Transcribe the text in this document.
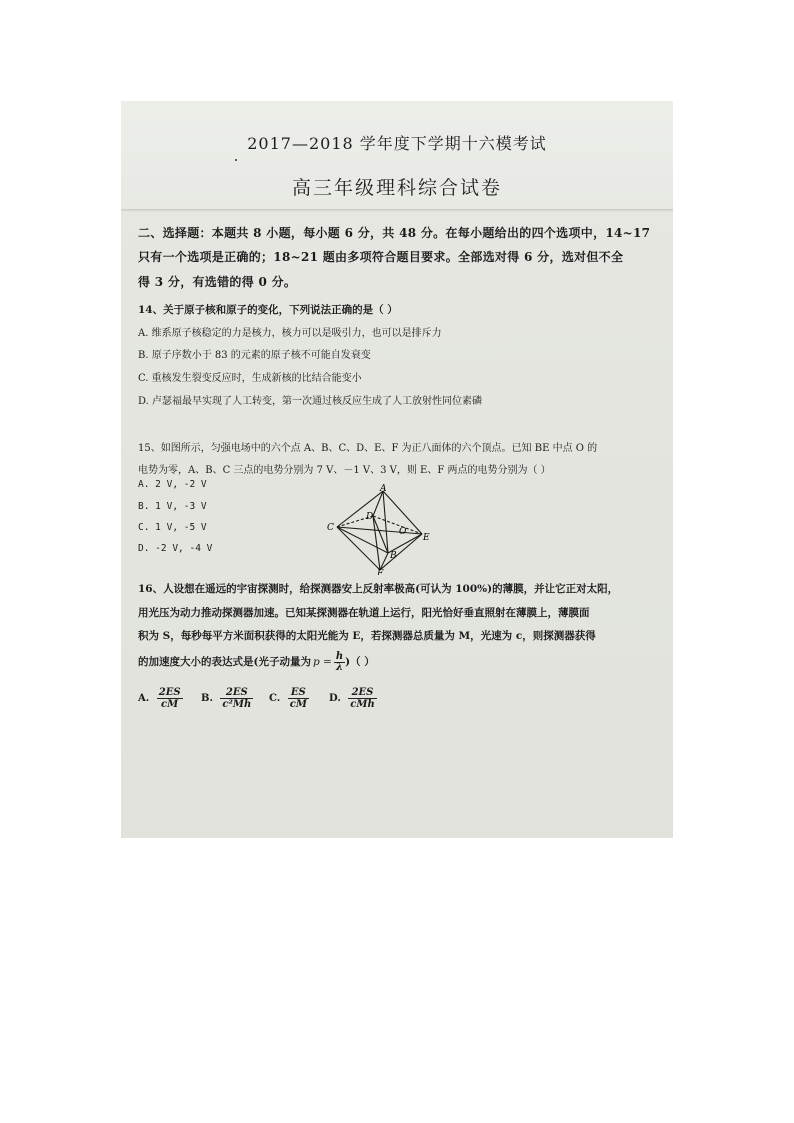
2017—2018 学年度下学期十六模考试
高三年级理科综合试卷
二、选择题：本题共 8 小题，每小题 6 分，共 48 分。在每小题给出的四个选项中，14~17
只有一个选项是正确的；18~21 题由多项符合题目要求。全部选对得 6 分，选对但不全
得 3 分，有选错的得 0 分。
14、关于原子核和原子的变化，下列说法正确的是（ ）
A. 维系原子核稳定的力是核力，核力可以是吸引力，也可以是排斥力
B. 原子序数小于 83 的元素的原子核不可能自发衰变
C. 重核发生裂变反应时，生成新核的比结合能变小
D. 卢瑟福最早实现了人工转变，第一次通过核反应生成了人工放射性同位素磷
15、如图所示，匀强电场中的六个点 A、B、C、D、E、F 为正八面体的六个顶点。已知 BE 中点 O 的
电势为零，A、B、C 三点的电势分别为 7 V、－1 V、3 V，则 E、F 两点的电势分别为（ ）
A. 2 V, -2 V
B. 1 V, -3 V
C. 1 V, -5 V
D. -2 V, -4 V
A
D
C	O
E
B
F
16、人设想在遥远的宇宙探测时，给探测器安上反射率极高(可认为 100%)的薄膜，并让它正对太阳，
用光压为动力推动探测器加速。已知某探测器在轨道上运行，阳光恰好垂直照射在薄膜上，薄膜面
积为 S，每秒每平方米面积获得的太阳光能为 E，若探测器总质量为 M，光速为 c，则探测器获得
的加速度大小的表达式是(光子动量为 $p = \frac{h}{\lambda}$ )（ ）
A. $\frac{2ES}{cM} B$. $\frac{2ES}{\text{c²Mh}} C$. $\frac{ES}{cM} D$. $\frac{2ES}{\text{cMh}}$
